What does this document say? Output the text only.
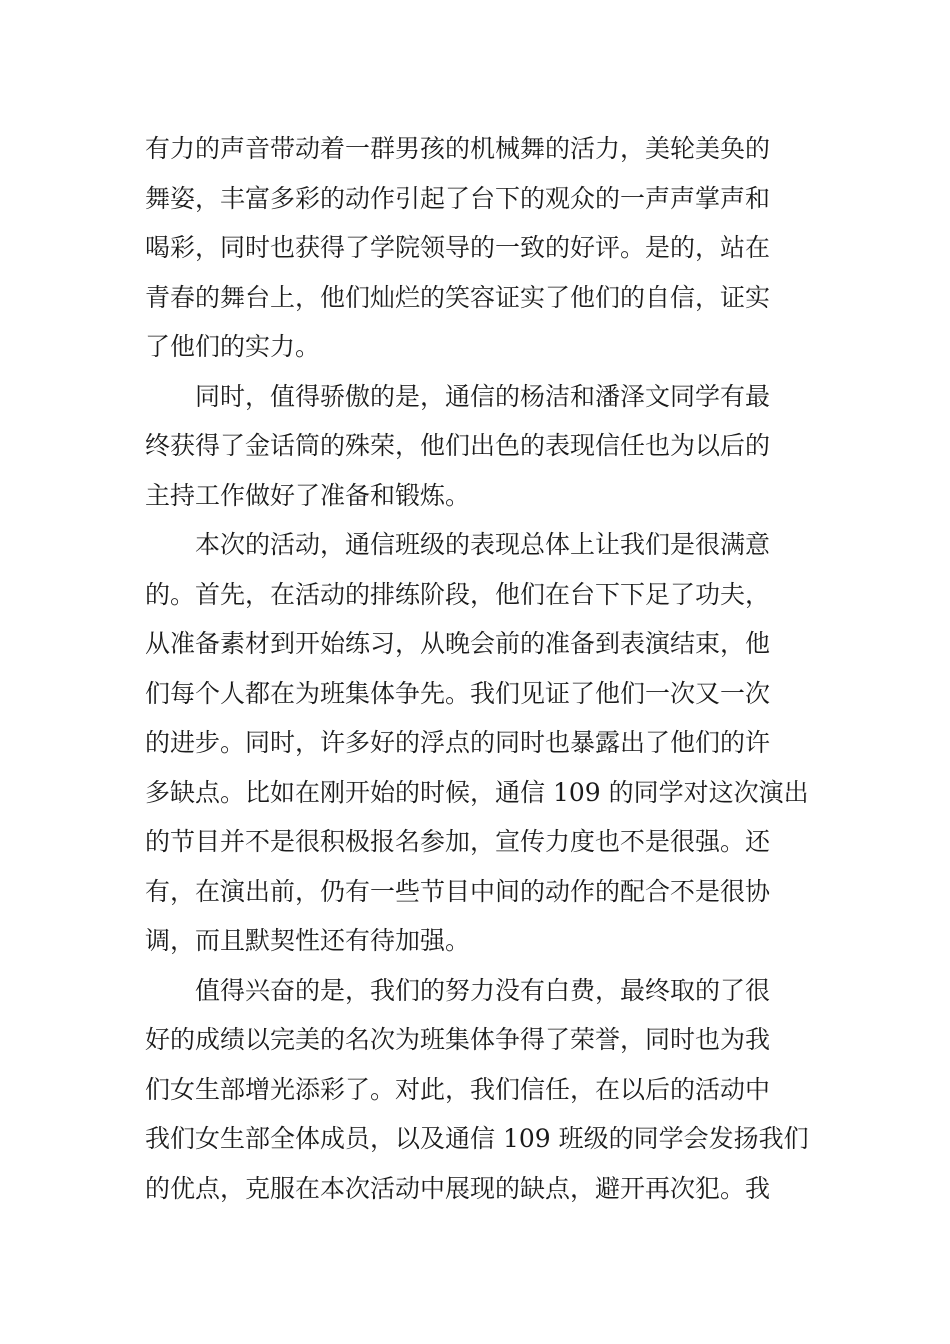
有力的声音带动着一群男孩的机械舞的活力，美轮美奂的
舞姿，丰富多彩的动作引起了台下的观众的一声声掌声和
喝彩，同时也获得了学院领导的一致的好评。是的，站在
青春的舞台上，他们灿烂的笑容证实了他们的自信，证实
了他们的实力。
同时，值得骄傲的是，通信的杨洁和潘泽文同学有最
终获得了金话筒的殊荣，他们出色的表现信任也为以后的
主持工作做好了准备和锻炼。
本次的活动，通信班级的表现总体上让我们是很满意
的。首先，在活动的排练阶段，他们在台下下足了功夫，
从准备素材到开始练习，从晚会前的准备到表演结束，他
们每个人都在为班集体争先。我们见证了他们一次又一次
的进步。同时，许多好的浮点的同时也暴露出了他们的许
多缺点。比如在刚开始的时候，通信 109 的同学对这次演出
的节目并不是很积极报名参加，宣传力度也不是很强。还
有，在演出前，仍有一些节目中间的动作的配合不是很协
调，而且默契性还有待加强。
值得兴奋的是，我们的努力没有白费，最终取的了很
好的成绩以完美的名次为班集体争得了荣誉，同时也为我
们女生部增光添彩了。对此，我们信任，在以后的活动中
我们女生部全体成员，以及通信 109 班级的同学会发扬我们
的优点，克服在本次活动中展现的缺点，避开再次犯。我
